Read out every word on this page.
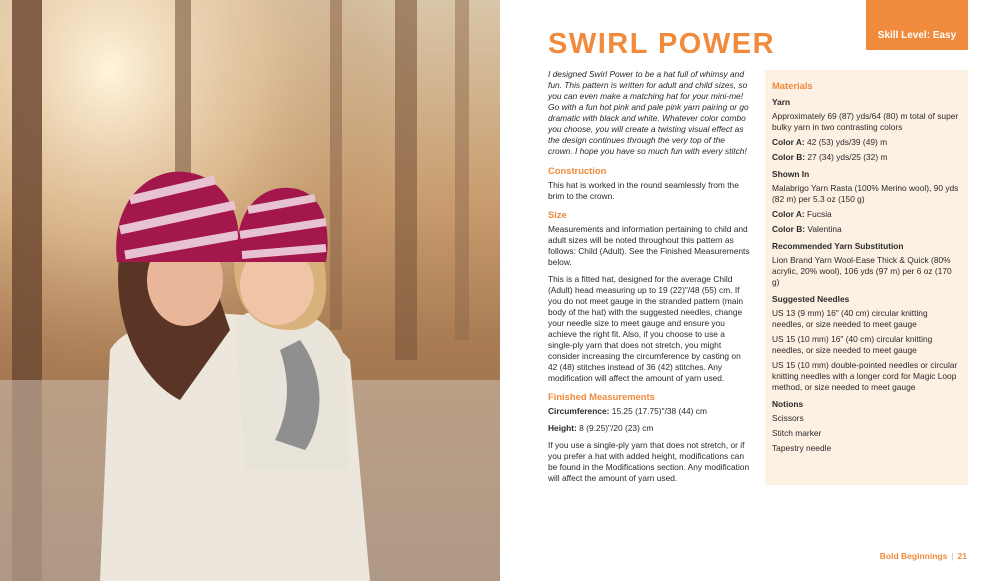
Skill Level: Easy
SWIRL POWER

I designed Swirl Power to be a hat full of whimsy and fun. This pattern is written for adult and child sizes, so you can even make a matching hat for your mini-me! Go with a fun hot pink and pale pink yarn pairing or go dramatic with black and white. Whatever color combo you choose, you will create a twisting visual effect as the design continues through the very top of the crown. I hope you have so much fun with every stitch!

Construction

This hat is worked in the round seamlessly from the brim to the crown.

Size

Measurements and information pertaining to child and adult sizes will be noted throughout this pattern as follows: Child (Adult). See the Finished Measurements below.

This is a fitted hat, designed for the average Child (Adult) head measuring up to 19 (22)"/48 (55) cm. If you do not meet gauge in the stranded pattern (main body of the hat) with the suggested needles, change your needle size to meet gauge and ensure you achieve the right fit. Also, if you choose to use a single-ply yarn that does not stretch, you might consider increasing the circumference by casting on 42 (48) stitches instead of 36 (42) stitches. Any modification will affect the amount of yarn used.

Finished Measurements

Circumference: 15.25 (17.75)"/38 (44) cm

Height: 8 (9.25)"/20 (23) cm

If you use a single-ply yarn that does not stretch, or if you prefer a hat with added height, modifications can be found in the Modifications section. Any modification will affect the amount of yarn used.

Materials
Yarn

Approximately 69 (87) yds/64 (80) m total of super bulky yarn in two contrasting colors

Color A: 42 (53) yds/39 (49) m

Color B: 27 (34) yds/25 (32) m

Shown In

Malabrigo Yarn Rasta (100% Merino wool), 90 yds (82 m) per 5.3 oz (150 g)

Color A: Fucsia

Color B: Valentina

Recommended Yarn Substitution

Lion Brand Yarn Wool-Ease Thick & Quick (80% acrylic, 20% wool), 106 yds (97 m) per 6 oz (170 g)

Suggested Needles

US 13 (9 mm) 16" (40 cm) circular knitting needles, or size needed to meet gauge

US 15 (10 mm) 16" (40 cm) circular knitting needles, or size needed to meet gauge

US 15 (10 mm) double-pointed needles or circular knitting needles with a longer cord for Magic Loop method, or size needed to meet gauge

Notions

Scissors

Stitch marker

Tapestry needle

Bold Beginnings | 21
